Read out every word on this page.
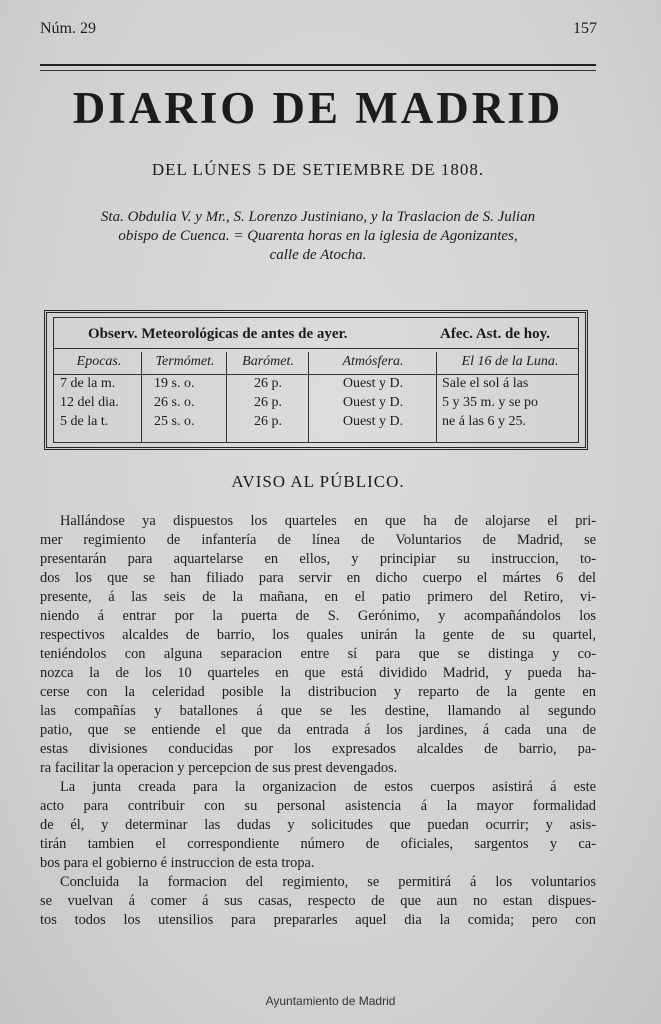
Núm. 29	157
DIARIO DE MADRID
DEL LÚNES 5 DE SETIEMBRE DE 1808.
Sta. Obdulia V. y Mr., S. Lorenzo Justiniano, y la Traslacion de S. Julian
obispo de Cuenca. = Quarenta horas en la iglesia de Agonizantes,
calle de Atocha.
Observ. Meteorológicas de antes de ayer.	Afec. Ast. de hoy.
Epocas.
7 de la m.
12 del dia.
5 de la t.
Termómet.
19 s. o.
26 s. o.
25 s. o.
Barómet.
26 p.
26 p.
26 p.
Atmósfera.
Ouest y D.
Ouest y D.
Ouest y D.
El 16 de la Luna.
Sale el sol á las
5 y 35 m. y se po
ne á las 6 y 25.
AVISO AL PÚBLICO.
Hallándose ya dispuestos los quarteles en que ha de alojarse el pri-
mer regimiento de infantería de línea de Voluntarios de Madrid, se
presentarán para aquartelarse en ellos, y principiar su instruccion, to-
dos los que se han filiado para servir en dicho cuerpo el mártes 6 del
presente, á las seis de la mañana, en el patio primero del Retiro, vi-
niendo á entrar por la puerta de S. Gerónimo, y acompañándolos los
respectivos alcaldes de barrio, los quales unirán la gente de su quartel,
teniéndolos con alguna separacion entre sí para que se distinga y co-
nozca la de los 10 quarteles en que está dividido Madrid, y pueda ha-
cerse con la celeridad posible la distribucion y reparto de la gente en
las compañías y batallones á que se les destine, llamando al segundo
patio, que se entiende el que da entrada á los jardines, á cada una de
estas divisiones conducidas por los expresados alcaldes de barrio, pa-
ra facilitar la operacion y percepcion de sus prest devengados.
La junta creada para la organizacion de estos cuerpos asistirá á este
acto para contribuir con su personal asistencia á la mayor formalidad
de él, y determinar las dudas y solicitudes que puedan ocurrir; y asis-
tirán tambien el correspondiente número de oficiales, sargentos y ca-
bos para el gobierno é instruccion de esta tropa.
Concluida la formacion del regimiento, se permitirá á los voluntarios
se vuelvan á comer á sus casas, respecto de que aun no estan dispues-
tos todos los utensilios para prepararles aquel dia la comida; pero con
Ayuntamiento de Madrid
